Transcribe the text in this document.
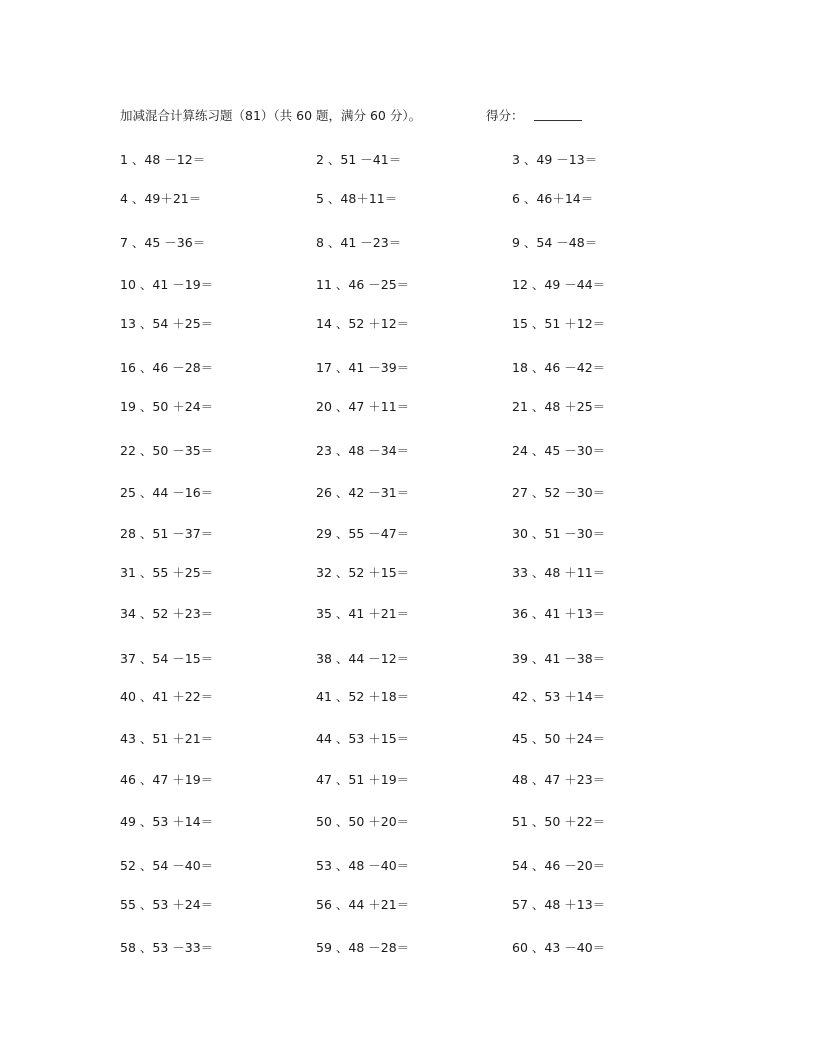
加减混合计算练习题（81）（共 60 题，满分 60 分）。	得分：
1 、48 －12＝	2 、51 －41＝	3 、49 －13＝
4 、49＋21＝	5 、48＋11＝	6 、46＋14＝
7 、45 －36＝	8 、41 －23＝	9 、54 －48＝
10 、41 －19＝	11 、46 －25＝	12 、49 －44＝
13 、54 ＋25＝	14 、52 ＋12＝	15 、51 ＋12＝
16 、46 －28＝	17 、41 －39＝	18 、46 －42＝
19 、50 ＋24＝	20 、47 ＋11＝	21 、48 ＋25＝
22 、50 －35＝	23 、48 －34＝	24 、45 －30＝
25 、44 －16＝	26 、42 －31＝	27 、52 －30＝
28 、51 －37＝	29 、55 －47＝	30 、51 －30＝
31 、55 ＋25＝	32 、52 ＋15＝	33 、48 ＋11＝
34 、52 ＋23＝	35 、41 ＋21＝	36 、41 ＋13＝
37 、54 －15＝	38 、44 －12＝	39 、41 －38＝
40 、41 ＋22＝	41 、52 ＋18＝	42 、53 ＋14＝
43 、51 ＋21＝	44 、53 ＋15＝	45 、50 ＋24＝
46 、47 ＋19＝	47 、51 ＋19＝	48 、47 ＋23＝
49 、53 ＋14＝	50 、50 ＋20＝	51 、50 ＋22＝
52 、54 －40＝	53 、48 －40＝	54 、46 －20＝
55 、53 ＋24＝	56 、44 ＋21＝	57 、48 ＋13＝
58 、53 －33＝	59 、48 －28＝	60 、43 －40＝
